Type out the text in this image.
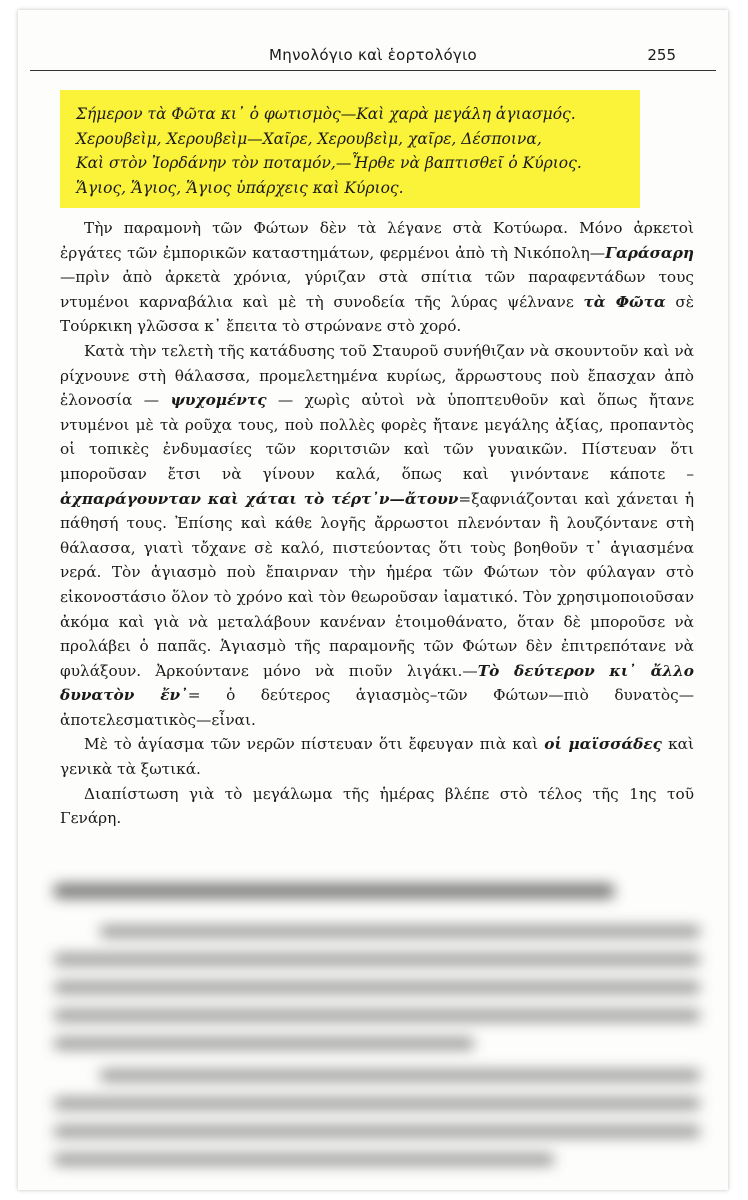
Μηνολόγιο καὶ ἑορτολόγιο	255
Σήμερον τὰ Φῶτα κι᾽ ὁ φωτισμὸς—Καὶ χαρὰ μεγάλη ἁγιασμός.
Χερουβεὶμ, Χερουβεὶμ—Χαῖρε, Χερουβεὶμ, χαῖρε, Δέσποινα,
Καὶ στὸν Ἰορδάνην τὸν ποταμόν,—Ἦρθε νὰ βαπτισθεῖ ὁ Κύριος.
Ἅγιος, Ἅγιος, Ἅγιος ὑπάρχεις καὶ Κύριος.

Τὴν παραμονὴ τῶν Φώτων δὲν τὰ λέγανε στὰ Κοτύωρα. Μόνο ἀρκετοὶ ἐργάτες τῶν ἐμπορικῶν καταστημάτων, φερμένοι ἀπὸ τὴ Νικόπολη—Γαράσαρη—πρὶν ἀπὸ ἀρκετὰ χρόνια, γύριζαν στὰ σπίτια τῶν παραφεντάδων τους ντυμένοι καρναβάλια καὶ μὲ τὴ συνοδεία τῆς λύρας ψέλνανε τὰ Φῶτα σὲ Τούρκικη γλῶσσα κ᾽ ἔπειτα τὸ στρώνανε στὸ χορό.

Κατὰ τὴν τελετὴ τῆς κατάδυσης τοῦ Σταυροῦ συνήθιζαν νὰ σκουντοῦν καὶ νὰ ρίχνουνε στὴ θάλασσα, προμελετημένα κυρίως, ἄρρωστους ποὺ ἔπασχαν ἀπὸ ἑλονοσία — ψυχομέντς — χωρὶς αὐτοὶ νὰ ὑποπτευθοῦν καὶ ὅπως ἤτανε ντυμένοι μὲ τὰ ροῦχα τους, ποὺ πολλὲς φορὲς ἤτανε μεγάλης ἀξίας, προπαντὸς οἱ τοπικὲς ἐνδυμασίες τῶν κοριτσιῶν καὶ τῶν γυναικῶν. Πίστευαν ὅτι μποροῦσαν ἔτσι νὰ γίνουν καλά, ὅπως καὶ γινόντανε κάποτε – ἀχπαράγουνταν καὶ χάται τὸ τέρτ᾽ν—ἄτουν=ξαφνιάζονται καὶ χάνεται ἡ πάθησή τους. Ἐπίσης καὶ κάθε λογῆς ἄρρωστοι πλενόνταν ἢ λουζόντανε στὴ θάλασσα, γιατὶ τὄχανε σὲ καλό, πιστεύοντας ὅτι τοὺς βοηθοῦν τ᾽ ἁγιασμένα νερά. Τὸν ἁγιασμὸ ποὺ ἔπαιρναν τὴν ἡμέρα τῶν Φώτων τὸν φύλαγαν στὸ εἰκονοστάσιο ὅλον τὸ χρόνο καὶ τὸν θεωροῦσαν ἰαματικό. Τὸν χρησιμοποιοῦσαν ἀκόμα καὶ γιὰ νὰ μεταλάβουν κανέναν ἑτοιμοθάνατο, ὅταν δὲ μποροῦσε νὰ προλάβει ὁ παπᾶς. Ἁγιασμὸ τῆς παραμονῆς τῶν Φώτων δὲν ἐπιτρεπότανε νὰ φυλάξουν. Ἀρκούντανε μόνο νὰ πιοῦν λιγάκι.—Τὸ δεύτερον κι᾽ ἄλλο δυνατὸν ἔν᾽= ὁ δεύτερος ἁγιασμὸς–τῶν Φώτων—πιὸ δυνατὸς—ἀποτελεσματικὸς—εἶναι.

Μὲ τὸ ἁγίασμα τῶν νερῶν πίστευαν ὅτι ἔφευγαν πιὰ καὶ οἱ μαϊσσάδες καὶ γενικὰ τὰ ξωτικά.

Διαπίστωση γιὰ τὸ μεγάλωμα τῆς ἡμέρας βλέπε στὸ τέλος τῆς 1ης τοῦ Γενάρη.
